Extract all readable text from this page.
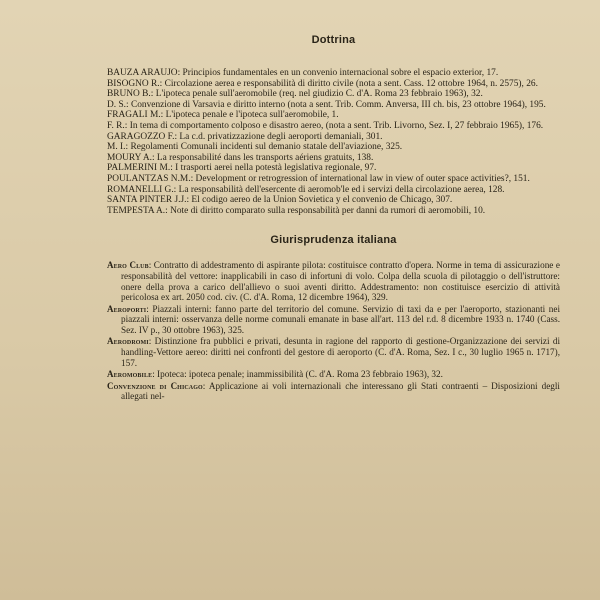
Dottrina

BAUZA ARAUJO: Principios fundamentales en un convenio internacional sobre el espacio exterior, 17.

BISOGNO R.: Circolazione aerea e responsabilità di diritto civile (nota a sent. Cass. 12 ottobre 1964, n. 2575), 26.

BRUNO B.: L'ipoteca penale sull'aeromobile (req. nel giudizio C. d'A. Roma 23 febbraio 1963), 32.

D. S.: Convenzione di Varsavia e diritto interno (nota a sent. Trib. Comm. Anversa, III ch. bis, 23 ottobre 1964), 195.

FRAGALI M.: L'ipoteca penale e l'ipoteca sull'aeromobile, 1.

F. R.: In tema di comportamento colposo e disastro aereo, (nota a sent. Trib. Livorno, Sez. I, 27 febbraio 1965), 176.

GARAGOZZO F.: La c.d. privatizzazione degli aeroporti demaniali, 301.

M. I.: Regolamenti Comunali incidenti sul demanio statale dell'aviazione, 325.

MOURY A.: La responsabilité dans les transports aériens gratuits, 138.

PALMERINI M.: I trasporti aerei nella potestà legislativa regionale, 97.

POULANTZAS N.M.: Development or retrogression of international law in view of outer space activities?, 151.

ROMANELLI G.: La responsabilità dell'esercente di aeromob'le ed i servizi della circolazione aerea, 128.

SANTA PINTER J.J.: El codigo aereo de la Union Sovietica y el convenio de Chicago, 307.

TEMPESTA A.: Note di diritto comparato sulla responsabilità per danni da rumori di aeromobili, 10.

Giurisprudenza italiana

Aero Club: Contratto di addestramento di aspirante pilota: costituisce contratto d'opera. Norme in tema di assicurazione e responsabilità del vettore: inapplicabili in caso di infortuni di volo. Colpa della scuola di pilotaggio o dell'istruttore: onere della prova a carico dell'allievo o suoi aventi diritto. Addestramento: non costituisce esercizio di attività pericolosa ex art. 2050 cod. civ. (C. d'A. Roma, 12 dicembre 1964), 329.

Aeroporti: Piazzali interni: fanno parte del territorio del comune. Servizio di taxi da e per l'aeroporto, stazionanti nei piazzali interni: osservanza delle norme comunali emanate in base all'art. 113 del r.d. 8 dicembre 1933 n. 1740 (Cass. Sez. IV p., 30 ottobre 1963), 325.

Aerodromi: Distinzione fra pubblici e privati, desunta in ragione del rapporto di gestione-Organizzazione dei servizi di handling-Vettore aereo: diritti nei confronti del gestore di aeroporto (C. d'A. Roma, Sez. I c., 30 luglio 1965 n. 1717), 157.

Aeromobile: Ipoteca: ipoteca penale; inammissibilità (C. d'A. Roma 23 febbraio 1963), 32.

Convenzione di Chicago: Applicazione ai voli internazionali che interessano gli Stati contraenti – Disposizioni degli allegati nel-
